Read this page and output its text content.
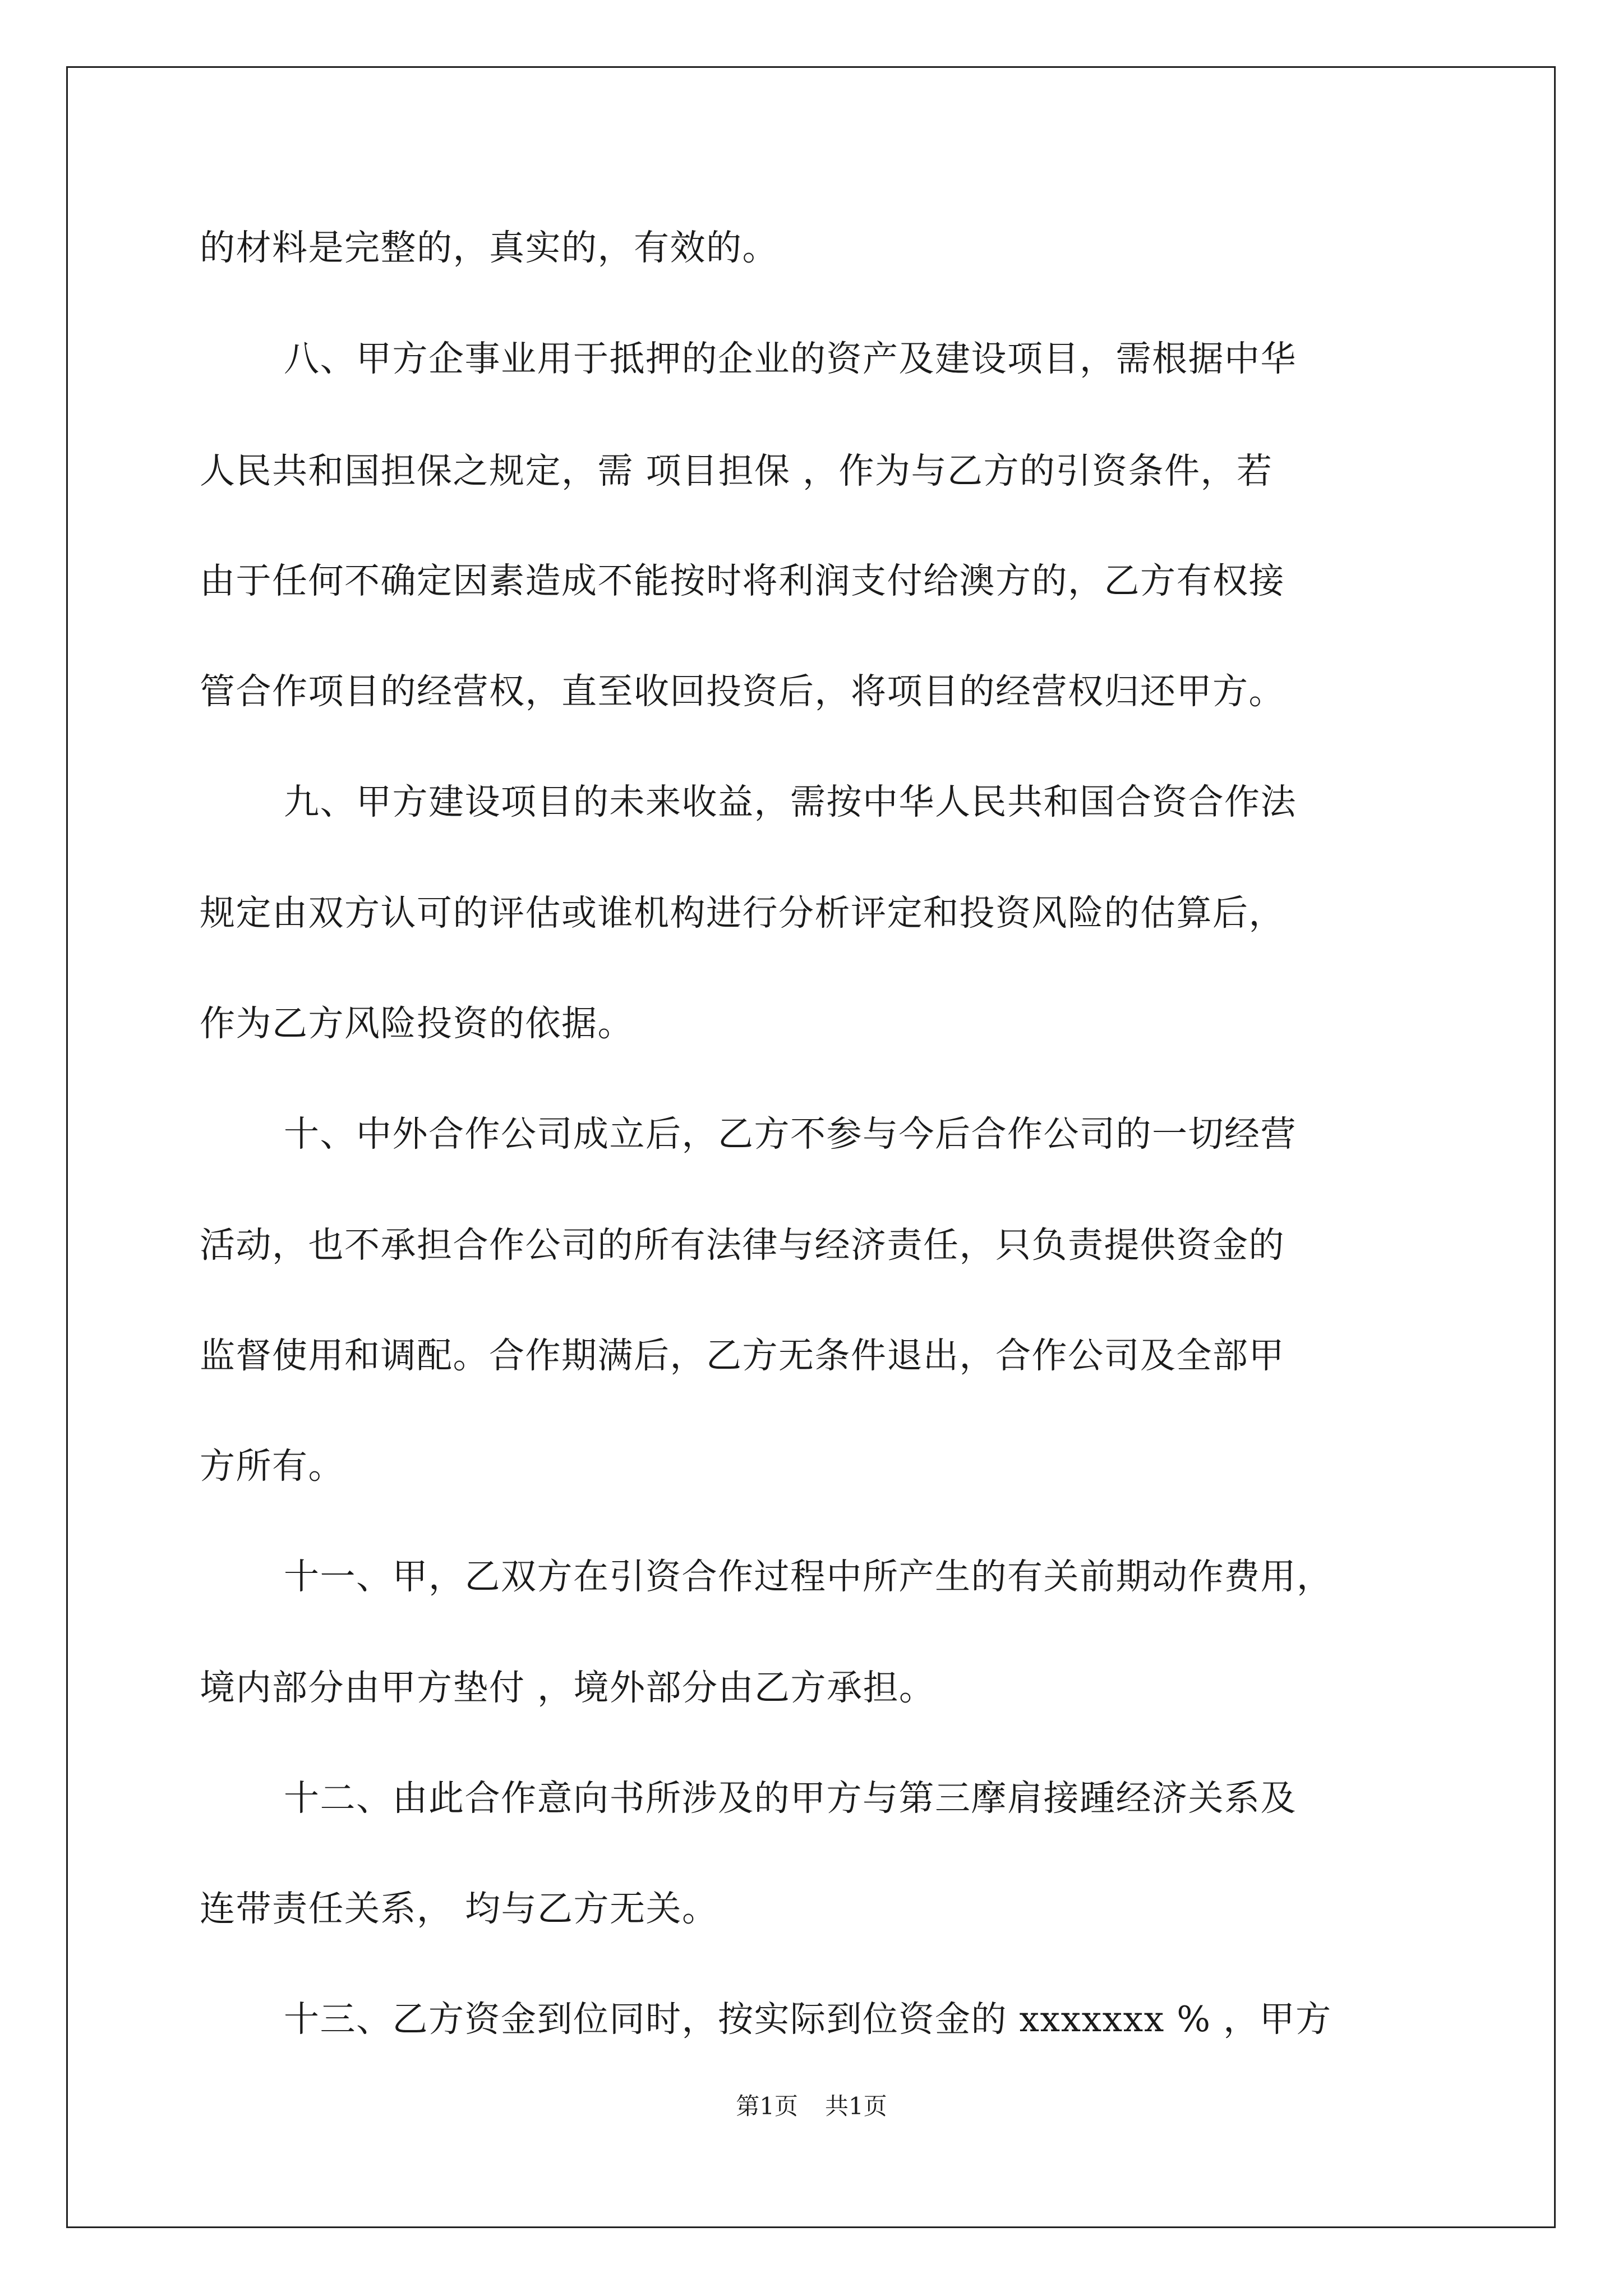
的材料是完整的，真实的，有效的。
八、甲方企事业用于抵押的企业的资产及建设项目，需根据中华
人民共和国担保之规定，需 项目担保 ，作为与乙方的引资条件，若
由于任何不确定因素造成不能按时将利润支付给澳方的，乙方有权接
管合作项目的经营权，直至收回投资后，将项目的经营权归还甲方。
九、甲方建设项目的未来收益，需按中华人民共和国合资合作法
规定由双方认可的评估或谁机构进行分析评定和投资风险的估算后，
作为乙方风险投资的依据。
十、中外合作公司成立后，乙方不参与今后合作公司的一切经营
活动，也不承担合作公司的所有法律与经济责任，只负责提供资金的
监督使用和调配。合作期满后，乙方无条件退出，合作公司及全部甲
方所有。
十一、甲，乙双方在引资合作过程中所产生的有关前期动作费用，
境内部分由甲方垫付 ，境外部分由乙方承担。
十二、由此合作意向书所涉及的甲方与第三摩肩接踵经济关系及
连带责任关系， 均与乙方无关。
十三、乙方资金到位同时，按实际到位资金的 xxxxxxx % ，甲方
第1页 共1页
